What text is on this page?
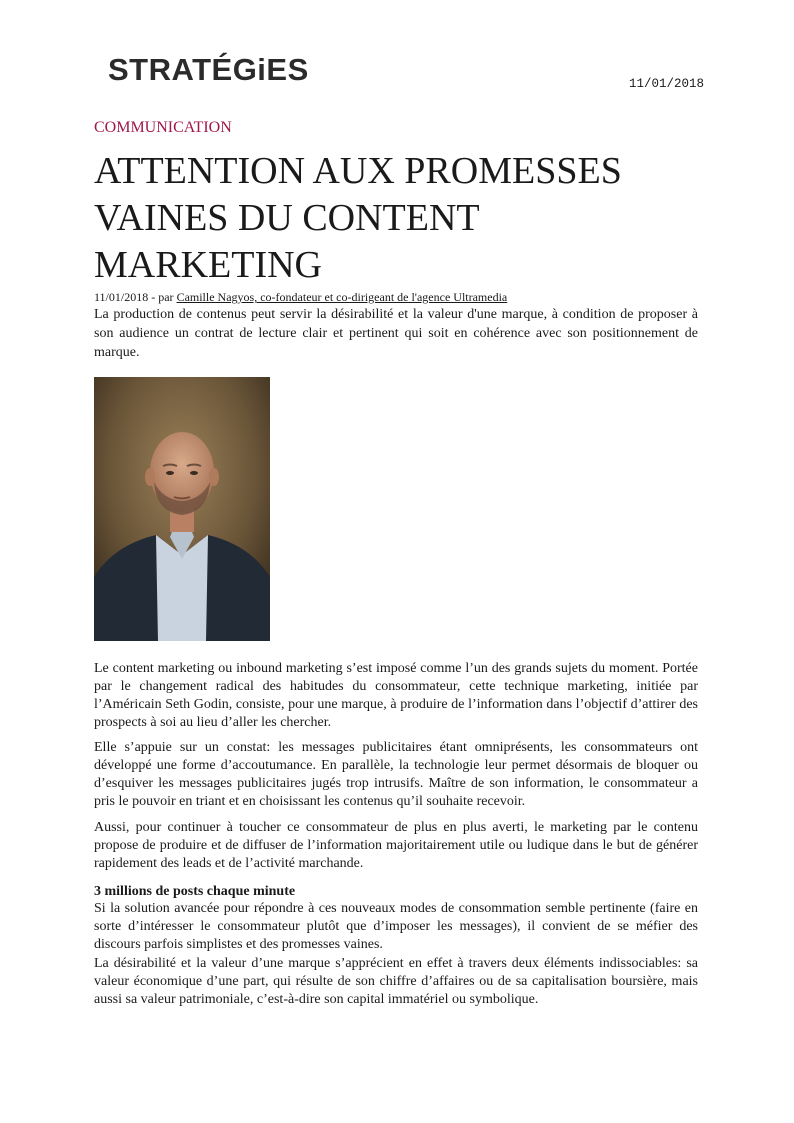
STRATÉGiES	11/01/2018
COMMUNICATION
ATTENTION AUX PROMESSES VAINES DU CONTENT MARKETING
11/01/2018 - par Camille Nagyos, co-fondateur et co-dirigeant de l'agence Ultramedia

La production de contenus peut servir la désirabilité et la valeur d'une marque, à condition de proposer à son audience un contrat de lecture clair et pertinent qui soit en cohérence avec son positionnement de marque.

Le content marketing ou inbound marketing s’est imposé comme l’un des grands sujets du moment. Portée par le changement radical des habitudes du consommateur, cette technique marketing, initiée par l’Américain Seth Godin, consiste, pour une marque, à produire de l’information dans l’objectif d’attirer des prospects à soi au lieu d’aller les chercher.

Elle s’appuie sur un constat: les messages publicitaires étant omniprésents, les consommateurs ont développé une forme d’accoutumance. En parallèle, la technologie leur permet désormais de bloquer ou d’esquiver les messages publicitaires jugés trop intrusifs. Maître de son information, le consommateur a pris le pouvoir en triant et en choisissant les contenus qu’il souhaite recevoir.

Aussi, pour continuer à toucher ce consommateur de plus en plus averti, le marketing par le contenu propose de produire et de diffuser de l’information majoritairement utile ou ludique dans le but de générer rapidement des leads et de l’activité marchande.

3 millions de posts chaque minute

Si la solution avancée pour répondre à ces nouveaux modes de consommation semble pertinente (faire en sorte d’intéresser le consommateur plutôt que d’imposer les messages), il convient de se méfier des discours parfois simplistes et des promesses vaines.

La désirabilité et la valeur d’une marque s’apprécient en effet à travers deux éléments indissociables: sa valeur économique d’une part, qui résulte de son chiffre d’affaires ou de sa capitalisation boursière, mais aussi sa valeur patrimoniale, c’est-à-dire son capital immatériel ou symbolique.
